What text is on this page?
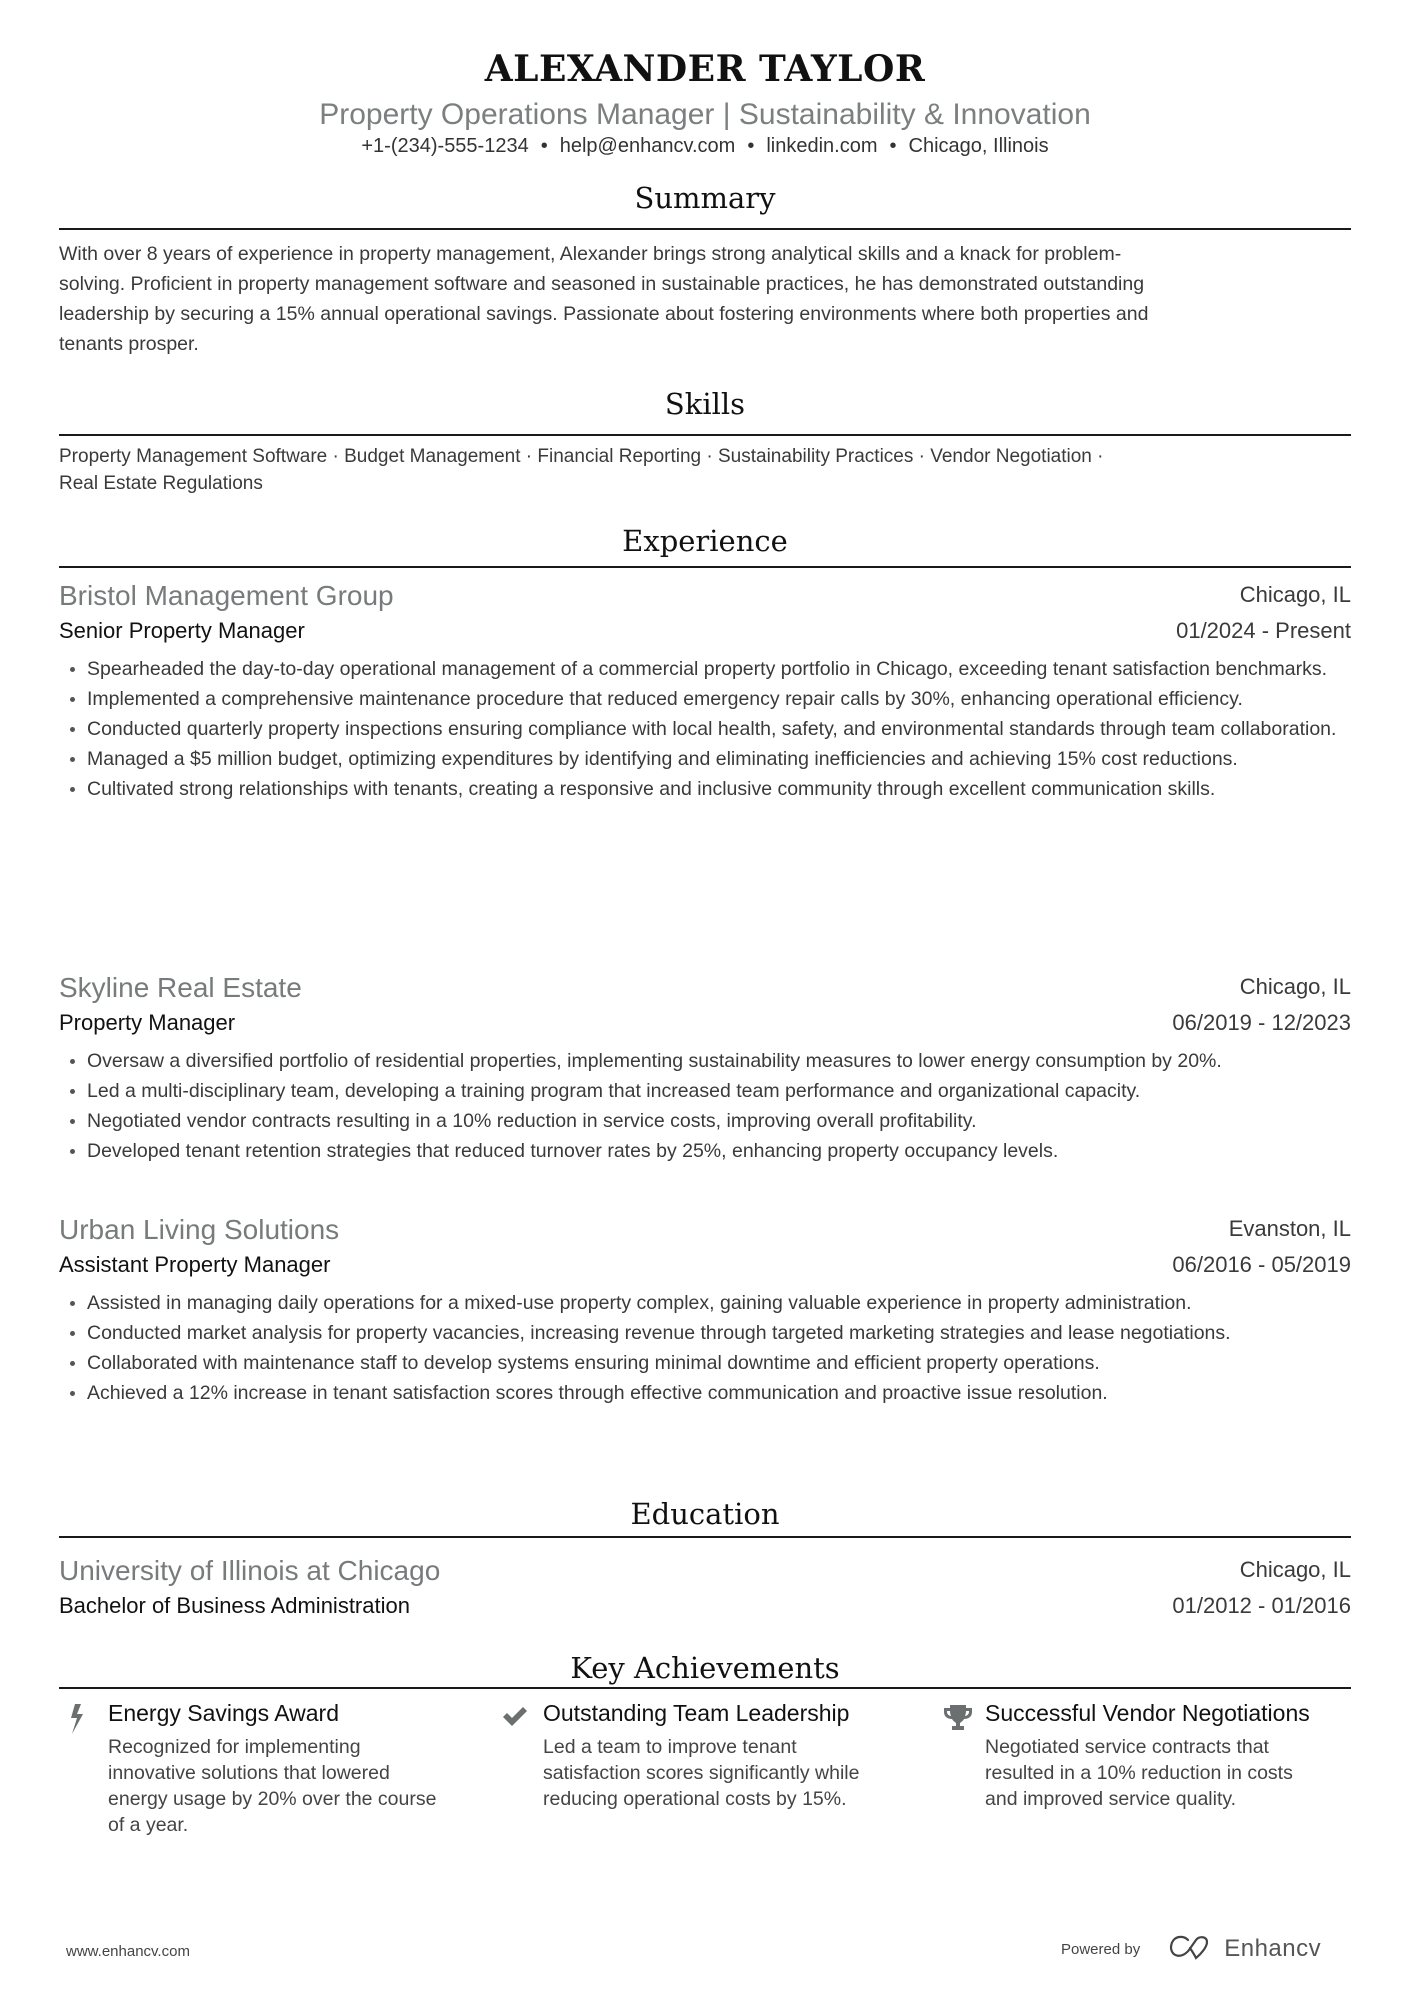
ALEXANDER TAYLOR
Property Operations Manager | Sustainability & Innovation
+1-(234)-555-1234 • help@enhancv.com • linkedin.com • Chicago, Illinois
Summary
With over 8 years of experience in property management, Alexander brings strong analytical skills and a knack for problem-
solving. Proficient in property management software and seasoned in sustainable practices, he has demonstrated outstanding
leadership by securing a 15% annual operational savings. Passionate about fostering environments where both properties and
tenants prosper.
Skills
Property Management Software · Budget Management · Financial Reporting · Sustainability Practices · Vendor Negotiation ·
Real Estate Regulations
Experience
Bristol Management Group	Chicago, IL
Senior Property Manager	01/2024 - Present
Spearheaded the day-to-day operational management of a commercial property portfolio in Chicago, exceeding tenant satisfaction benchmarks.
Implemented a comprehensive maintenance procedure that reduced emergency repair calls by 30%, enhancing operational efficiency.
Conducted quarterly property inspections ensuring compliance with local health, safety, and environmental standards through team collaboration.
Managed a $5 million budget, optimizing expenditures by identifying and eliminating inefficiencies and achieving 15% cost reductions.
Cultivated strong relationships with tenants, creating a responsive and inclusive community through excellent communication skills.
Skyline Real Estate	Chicago, IL
Property Manager	06/2019 - 12/2023
Oversaw a diversified portfolio of residential properties, implementing sustainability measures to lower energy consumption by 20%.
Led a multi-disciplinary team, developing a training program that increased team performance and organizational capacity.
Negotiated vendor contracts resulting in a 10% reduction in service costs, improving overall profitability.
Developed tenant retention strategies that reduced turnover rates by 25%, enhancing property occupancy levels.
Urban Living Solutions	Evanston, IL
Assistant Property Manager	06/2016 - 05/2019
Assisted in managing daily operations for a mixed-use property complex, gaining valuable experience in property administration.
Conducted market analysis for property vacancies, increasing revenue through targeted marketing strategies and lease negotiations.
Collaborated with maintenance staff to develop systems ensuring minimal downtime and efficient property operations.
Achieved a 12% increase in tenant satisfaction scores through effective communication and proactive issue resolution.
Education
University of Illinois at Chicago	Chicago, IL
Bachelor of Business Administration	01/2012 - 01/2016
Key Achievements
Energy Savings Award
Recognized for implementing innovative solutions that lowered energy usage by 20% over the course of a year.
Outstanding Team Leadership
Led a team to improve tenant satisfaction scores significantly while reducing operational costs by 15%.
Successful Vendor Negotiations
Negotiated service contracts that resulted in a 10% reduction in costs and improved service quality.
www.enhancv.com	Powered by	Enhancv
